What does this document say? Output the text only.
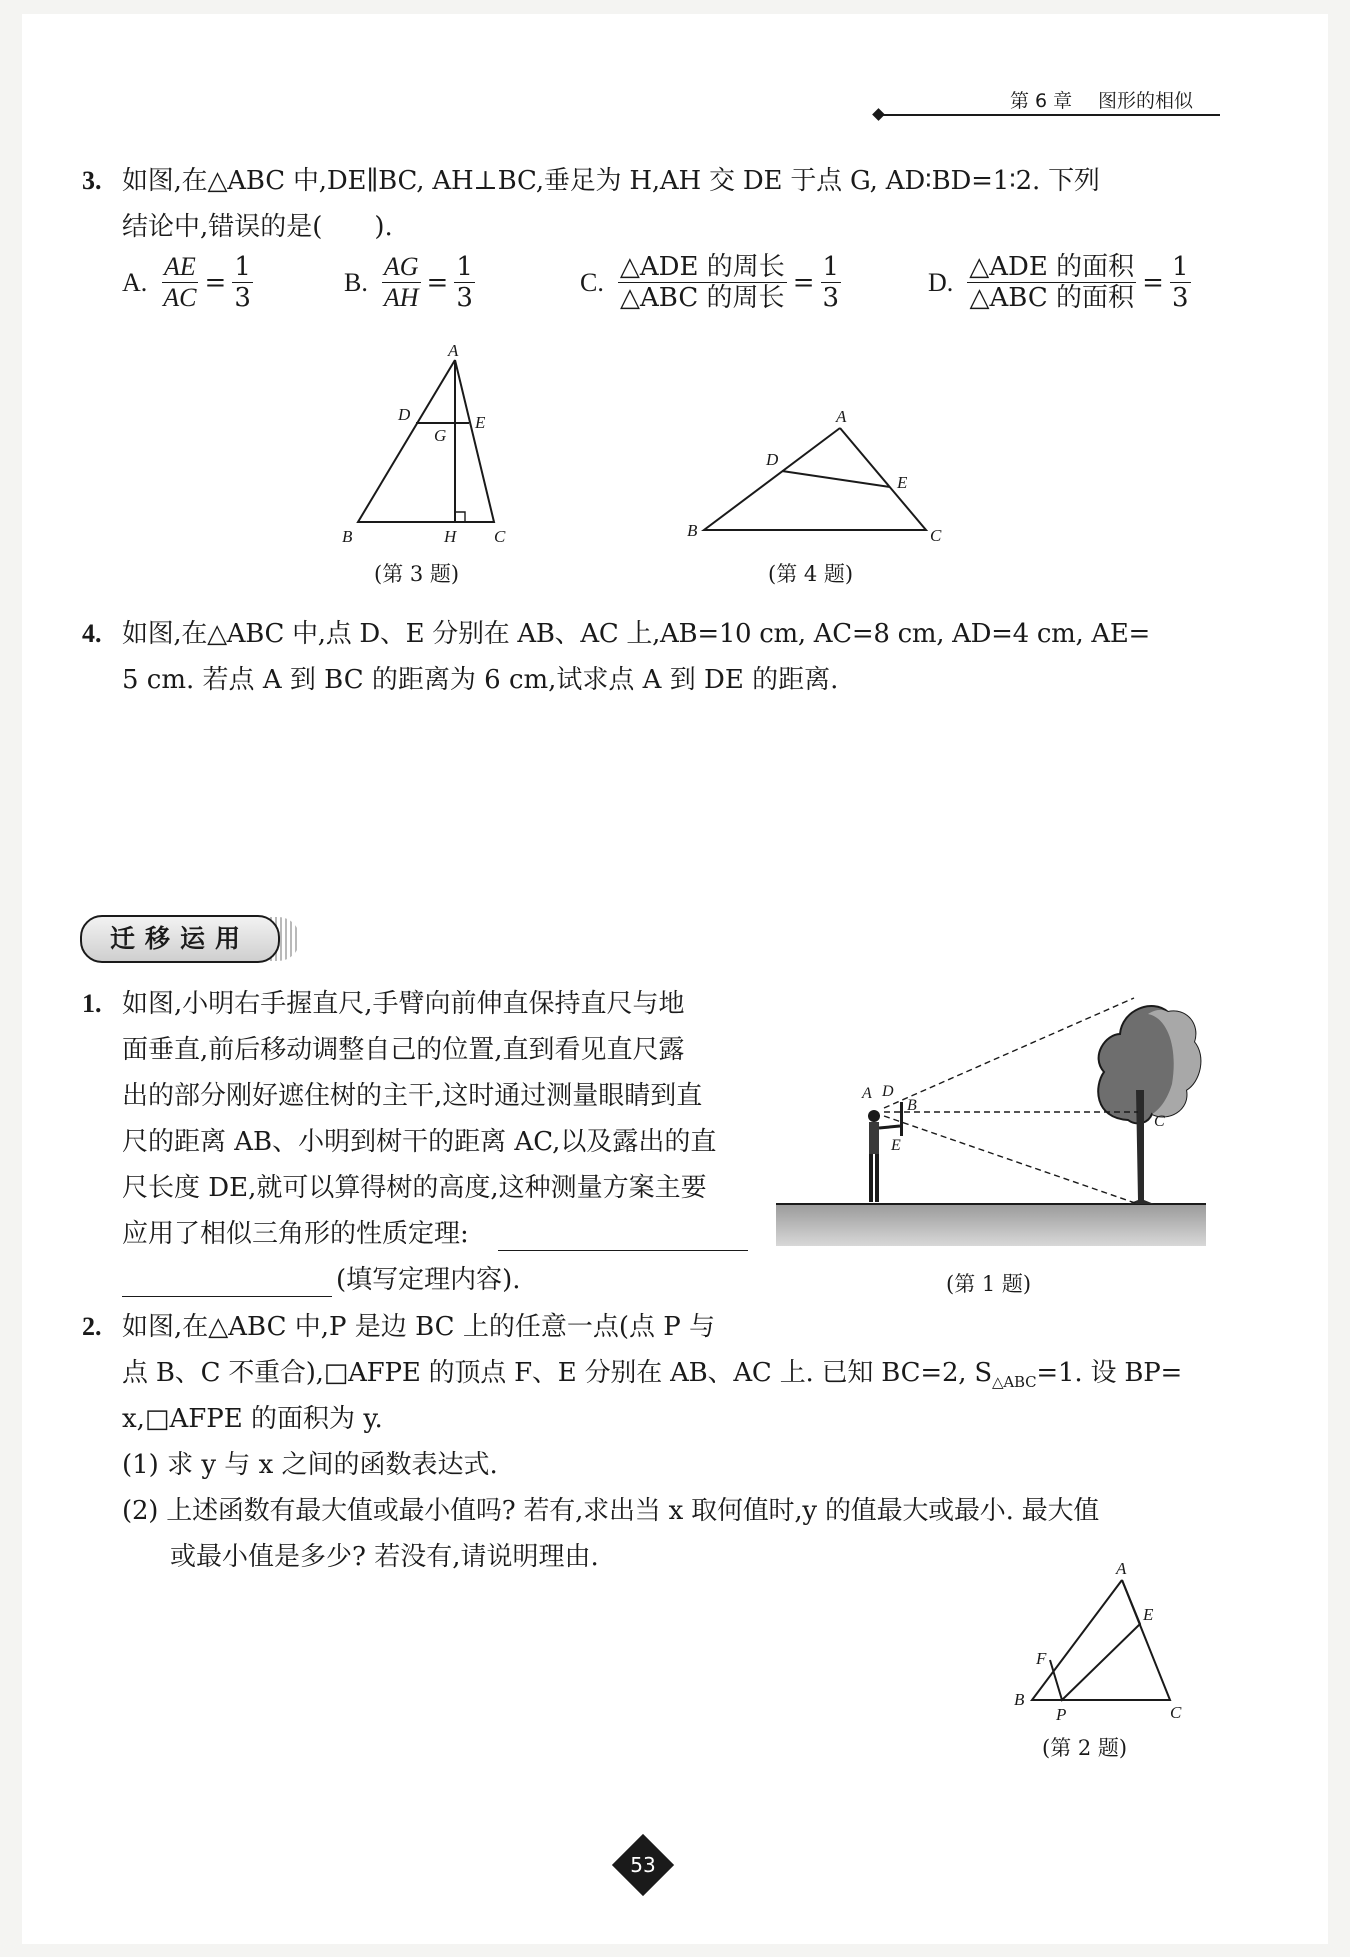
第 6 章 图形的相似
3. 如图,在△ABC 中,DE∥BC, AH⊥BC,垂足为 H,AH 交 DE 于点 G, AD∶BD=1∶2. 下列
结论中,错误的是(　　).
A. $\frac{AE}{AC} = \frac{1}{3}$	B. $\frac{AG}{AH} = \frac{1}{3}$	C. $\frac{\text{△ADE 的周长}}{\text{△ABC 的周长}} = \frac{1}{3}$	D. $\frac{\text{△ADE 的面积}}{\text{△ABC 的面积}} = \frac{1}{3}$
A
D	E
G
B	H C
(第 3 题)
A
D
E
B	C
(第 4 题)
4. 如图,在△ABC 中,点 D、E 分别在 AB、AC 上,AB=10 cm, AC=8 cm, AD=4 cm, AE=
5 cm. 若点 A 到 BC 的距离为 6 cm,试求点 A 到 DE 的距离.
迁移运用
1. 如图,小明右手握直尺,手臂向前伸直保持直尺与地
面垂直,前后移动调整自己的位置,直到看见直尺露
出的部分刚好遮住树的主干,这时通过测量眼睛到直
尺的距离 AB、小明到树干的距离 AC,以及露出的直
尺长度 DE,就可以算得树的高度,这种测量方案主要
应用了相似三角形的性质定理:
(填写定理内容).
A D
B
E
C
(第 1 题)
2. 如图,在△ABC 中,P 是边 BC 上的任意一点(点 P 与
点 B、C 不重合),□AFPE 的顶点 F、E 分别在 AB、AC 上. 已知 BC=2, $S_{\triangle ABC}=1$. 设 BP=
x,□AFPE 的面积为 y.
(1) 求 y 与 x 之间的函数表达式.
(2) 上述函数有最大值或最小值吗? 若有,求出当 x 取何值时,y 的值最大或最小. 最大值
或最小值是多少? 若没有,请说明理由.	A
E
F
B
P	C
(第 2 题)
53
